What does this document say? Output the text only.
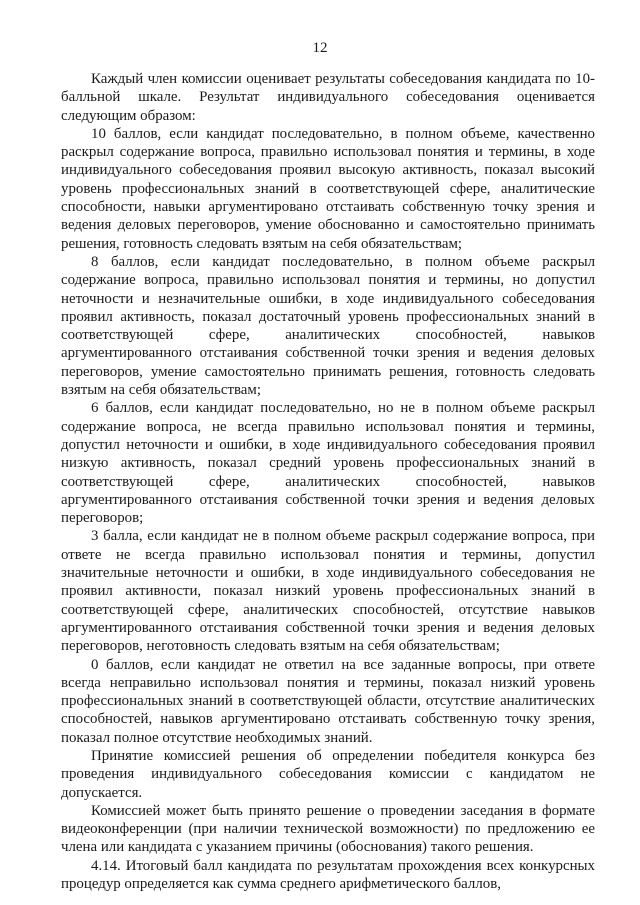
12

Каждый член комиссии оценивает результаты собеседования кандидата по 10-балльной шкале. Результат индивидуального собеседования оценивается следующим образом:

10 баллов, если кандидат последовательно, в полном объеме, качественно раскрыл содержание вопроса, правильно использовал понятия и термины, в ходе индивидуального собеседования проявил высокую активность, показал высокий уровень профессиональных знаний в соответствующей сфере, аналитические способности, навыки аргументировано отстаивать собственную точку зрения и ведения деловых переговоров, умение обоснованно и самостоятельно принимать решения, готовность следовать взятым на себя обязательствам;

8 баллов, если кандидат последовательно, в полном объеме раскрыл содержание вопроса, правильно использовал понятия и термины, но допустил неточности и незначительные ошибки, в ходе индивидуального собеседования проявил активность, показал достаточный уровень профессиональных знаний в соответствующей сфере, аналитических способностей, навыков аргументированного отстаивания собственной точки зрения и ведения деловых переговоров, умение самостоятельно принимать решения, готовность следовать взятым на себя обязательствам;

6 баллов, если кандидат последовательно, но не в полном объеме раскрыл содержание вопроса, не всегда правильно использовал понятия и термины, допустил неточности и ошибки, в ходе индивидуального собеседования проявил низкую активность, показал средний уровень профессиональных знаний в соответствующей сфере, аналитических способностей, навыков аргументированного отстаивания собственной точки зрения и ведения деловых переговоров;

3 балла, если кандидат не в полном объеме раскрыл содержание вопроса, при ответе не всегда правильно использовал понятия и термины, допустил значительные неточности и ошибки, в ходе индивидуального собеседования не проявил активности, показал низкий уровень профессиональных знаний в соответствующей сфере, аналитических способностей, отсутствие навыков аргументированного отстаивания собственной точки зрения и ведения деловых переговоров, неготовность следовать взятым на себя обязательствам;

0 баллов, если кандидат не ответил на все заданные вопросы, при ответе всегда неправильно использовал понятия и термины, показал низкий уровень профессиональных знаний в соответствующей области, отсутствие аналитических способностей, навыков аргументировано отстаивать собственную точку зрения, показал полное отсутствие необходимых знаний.

Принятие комиссией решения об определении победителя конкурса без проведения индивидуального собеседования комиссии с кандидатом не допускается.

Комиссией может быть принято решение о проведении заседания в формате видеоконференции (при наличии технической возможности) по предложению ее члена или кандидата с указанием причины (обоснования) такого решения.

4.14. Итоговый балл кандидата по результатам прохождения всех конкурсных процедур определяется как сумма среднего арифметического баллов,
